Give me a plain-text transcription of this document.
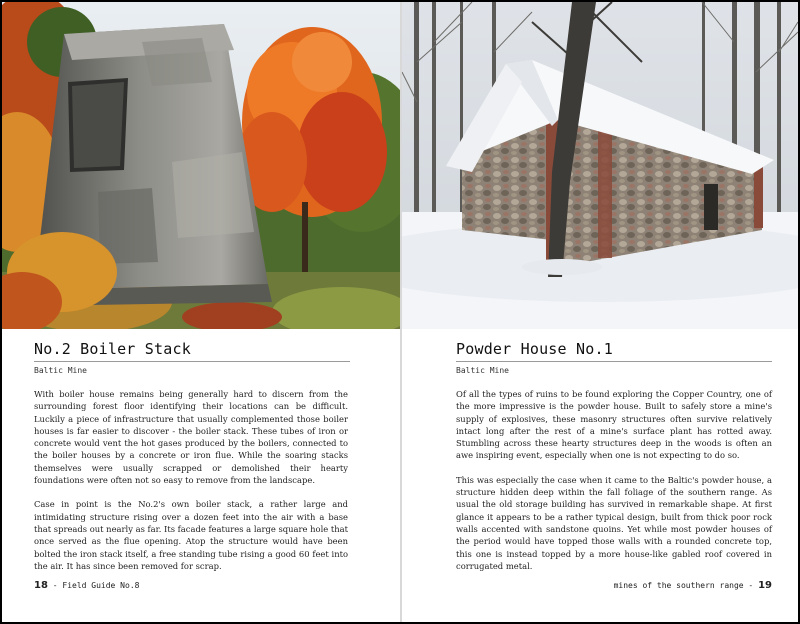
No.2 Boiler Stack
Baltic Mine

With boiler house remains being generally hard to discern from the surrounding forest floor identifying their locations can be difficult. Luckily a piece of infrastructure that usually complemented those boiler houses is far easier to discover - the boiler stack. These tubes of iron or concrete would vent the hot gases produced by the boilers, connected to the boiler houses by a concrete or iron flue. While the soaring stacks themselves were usually scrapped or demolished their hearty foundations were often not so easy to remove from the landscape.

Case in point is the No.2's own boiler stack, a rather large and intimidating structure rising over a dozen feet into the air with a base that spreads out nearly as far. Its facade features a large square hole that once served as the flue opening. Atop the structure would have been bolted the iron stack itself, a free standing tube rising a good 60 feet into the air. It has since been removed for scrap.

18 - Field Guide No.8
Powder House No.1
Baltic Mine

Of all the types of ruins to be found exploring the Copper Country, one of the more impressive is the powder house. Built to safely store a mine's supply of explosives, these masonry structures often survive relatively intact long after the rest of a mine's surface plant has rotted away. Stumbling across these hearty structures deep in the woods is often an awe inspiring event, especially when one is not expecting to do so.

This was especially the case when it came to the Baltic's powder house, a structure hidden deep within the fall foliage of the southern range. As usual the old storage building has survived in remarkable shape. At first glance it appears to be a rather typical design, built from thick poor rock walls accented with sandstone quoins. Yet while most powder houses of the period would have topped those walls with a rounded concrete top, this one is instead topped by a more house-like gabled roof covered in corrugated metal.

mines of the southern range - 19
